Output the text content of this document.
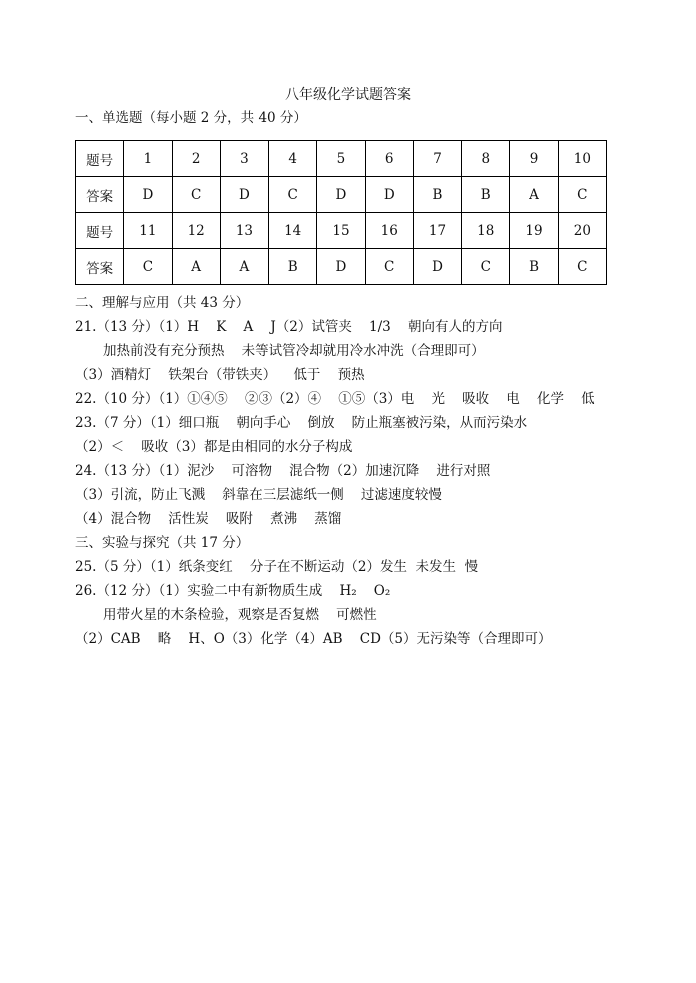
八年级化学试题答案
一、单选题（每小题 2 分，共 40 分）
题号	1	2	3	4	5	6	7	8	9	10
答案	D	C	D	C	D	D	B	B	A	C
题号	11	12	13	14	15	16	17	18	19	20
答案	C	A	A	B	D	C	D	C	B	C
二、理解与应用（共 43 分）
21.（13 分）（1）H    K    A    J（2）试管夹    1/3    朝向有人的方向
加热前没有充分预热    未等试管冷却就用冷水冲洗（合理即可）
（3）酒精灯    铁架台（带铁夹）    低于    预热
22.（10 分）（1）①④⑤    ②③（2）④    ①⑤（3）电    光    吸收    电    化学    低
23.（7 分）（1）细口瓶    朝向手心    倒放    防止瓶塞被污染，从而污染水
（2）＜    吸收（3）都是由相同的水分子构成
24.（13 分）（1）泥沙    可溶物    混合物（2）加速沉降    进行对照
（3）引流，防止飞溅    斜靠在三层滤纸一侧    过滤速度较慢
（4）混合物    活性炭    吸附    煮沸    蒸馏
三、实验与探究（共 17 分）
25.（5 分）（1）纸条变红    分子在不断运动（2）发生  未发生  慢
26.（12 分）（1）实验二中有新物质生成    H₂    O₂
用带火星的木条检验，观察是否复燃    可燃性
（2）CAB    略    H、O（3）化学（4）AB    CD（5）无污染等（合理即可）
